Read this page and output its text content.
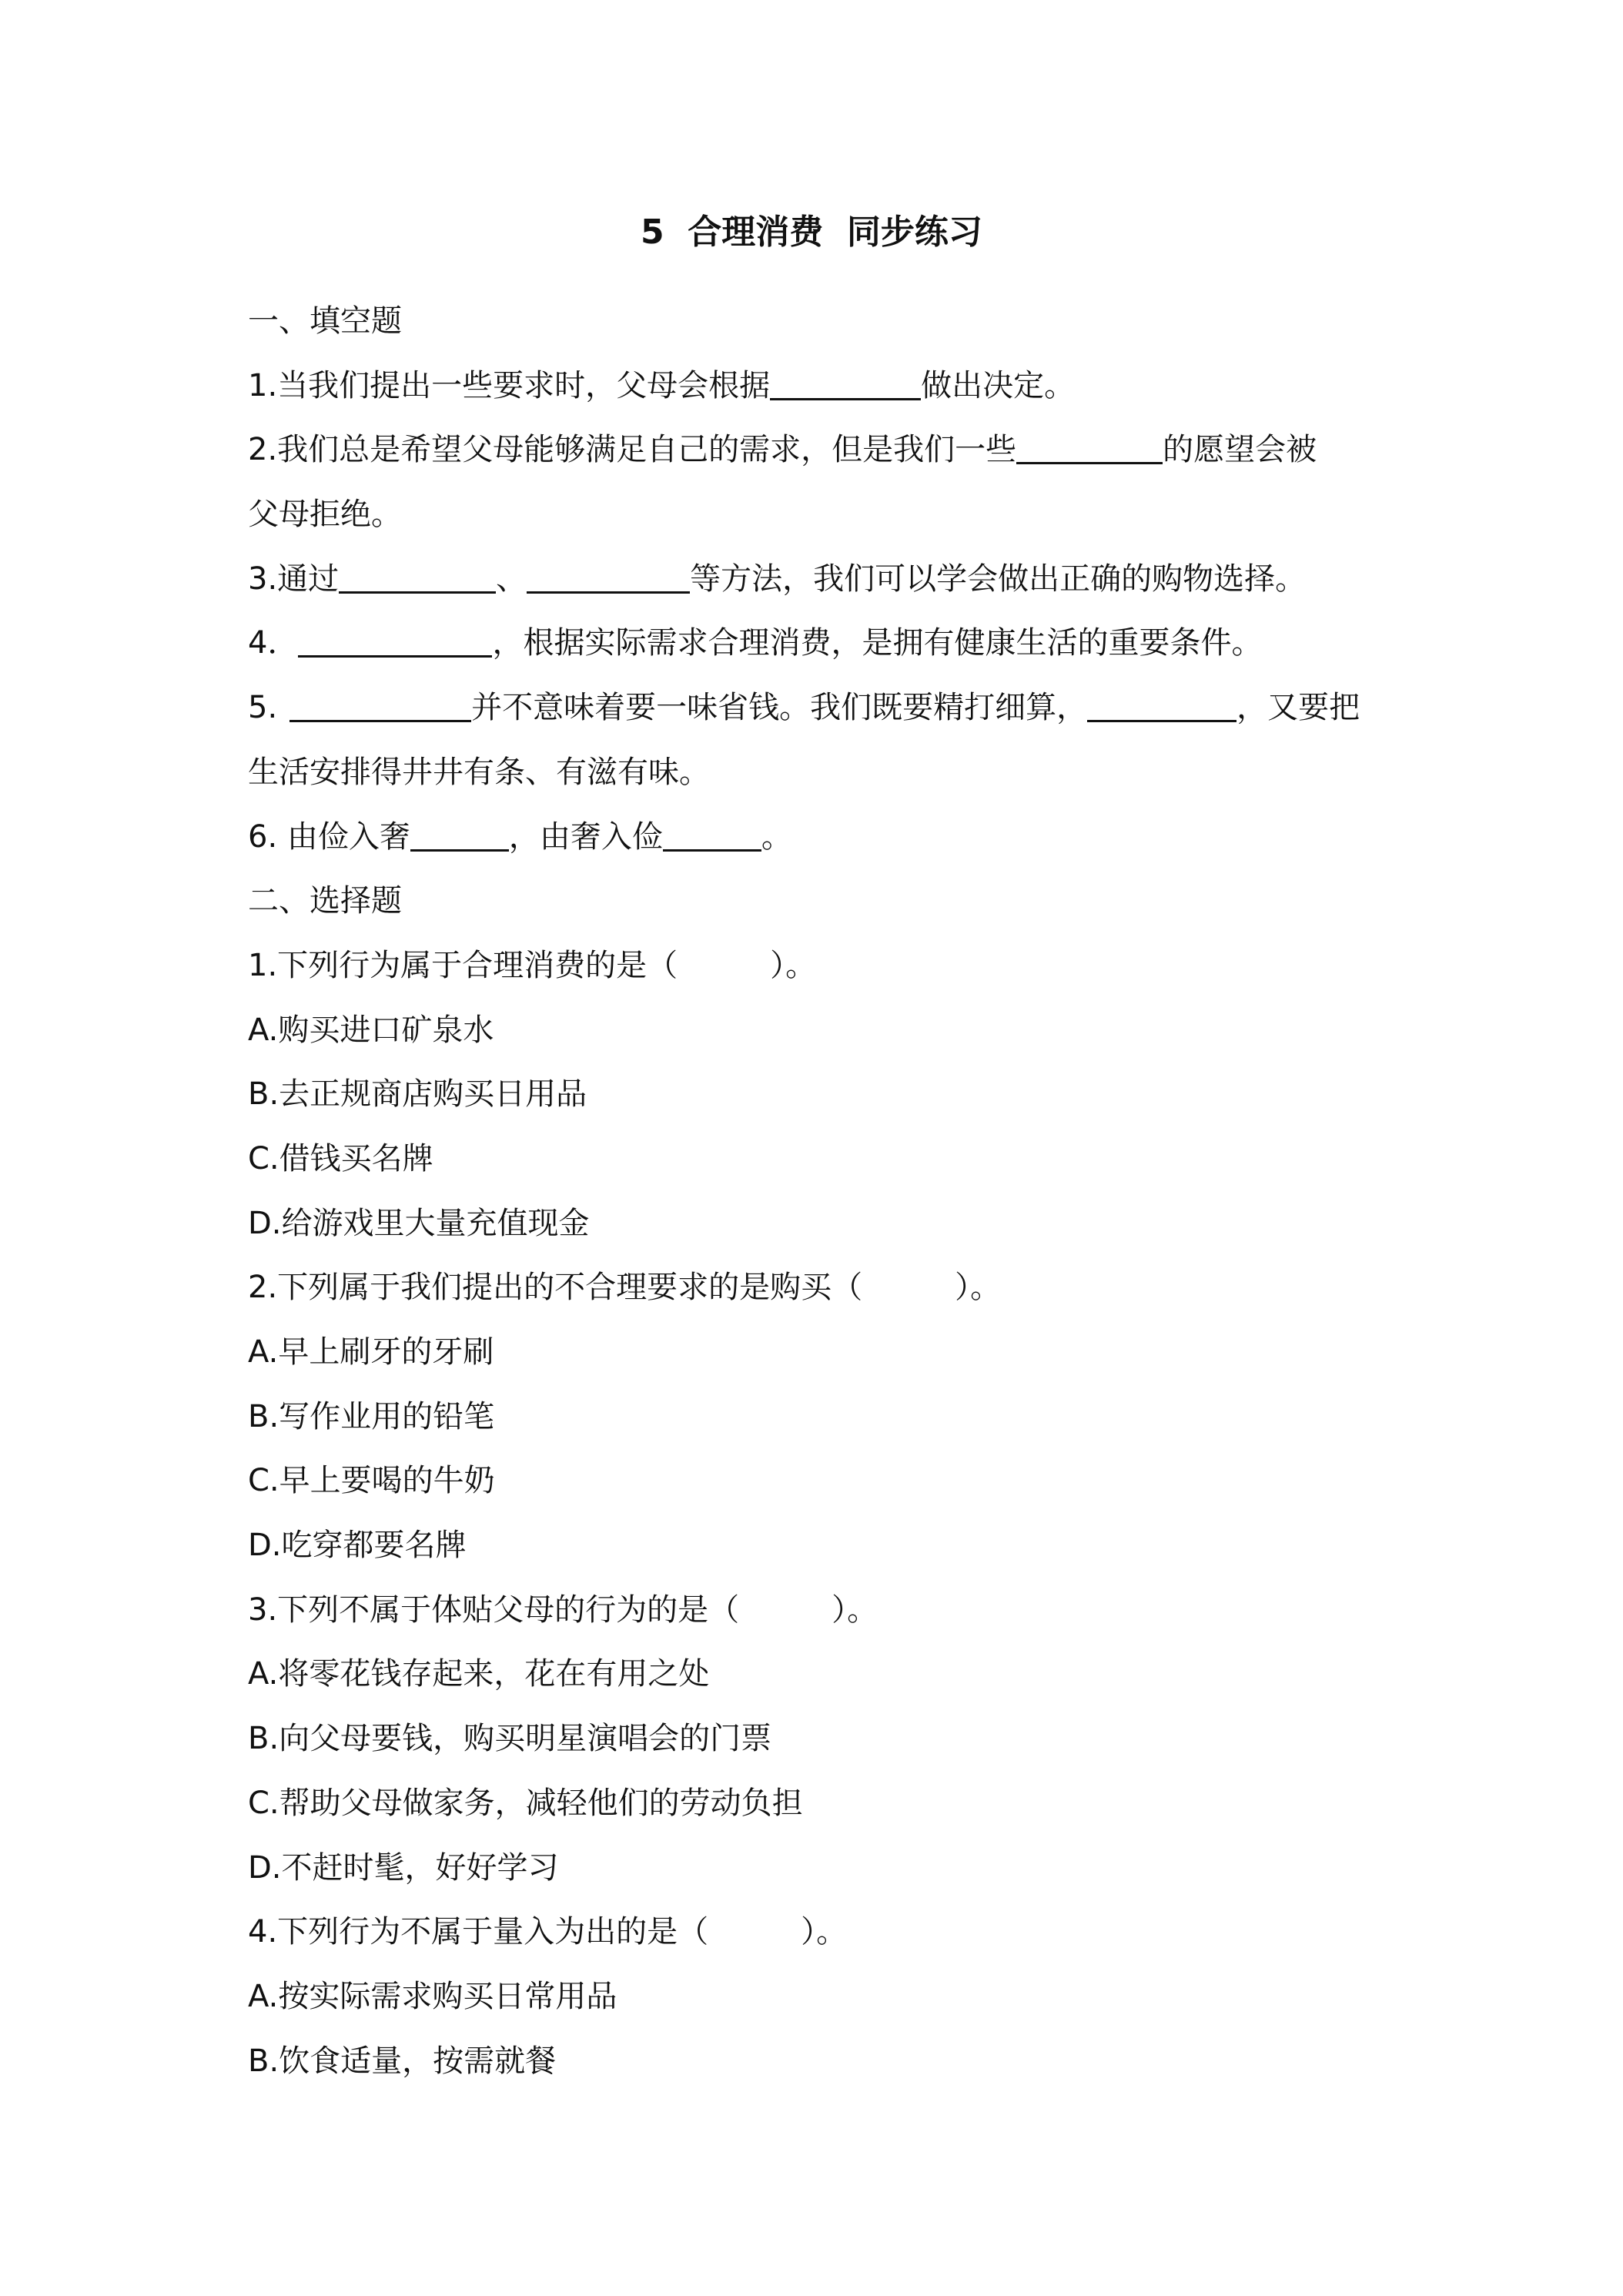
5  合理消费  同步练习
一、填空题
1.当我们提出一些要求时，父母会根据	做出决定。
2.我们总是希望父母能够满足自己的需求，但是我们一些	的愿望会被
父母拒绝。
3.通过	、	等方法，我们可以学会做出正确的购物选择。
4．	，根据实际需求合理消费，是拥有健康生活的重要条件。
5.	并不意味着要一味省钱。我们既要精打细算，	，又要把
生活安排得井井有条、有滋有味。
6. 由俭入奢	，由奢入俭	。
二、选择题
1.下列行为属于合理消费的是（	）。
A.购买进口矿泉水
B.去正规商店购买日用品
C.借钱买名牌
D.给游戏里大量充值现金
2.下列属于我们提出的不合理要求的是购买（	）。
A.早上刷牙的牙刷
B.写作业用的铅笔
C.早上要喝的牛奶
D.吃穿都要名牌
3.下列不属于体贴父母的行为的是（	）。
A.将零花钱存起来，花在有用之处
B.向父母要钱，购买明星演唱会的门票
C.帮助父母做家务，减轻他们的劳动负担
D.不赶时髦，好好学习
4.下列行为不属于量入为出的是（	）。
A.按实际需求购买日常用品
B.饮食适量，按需就餐
